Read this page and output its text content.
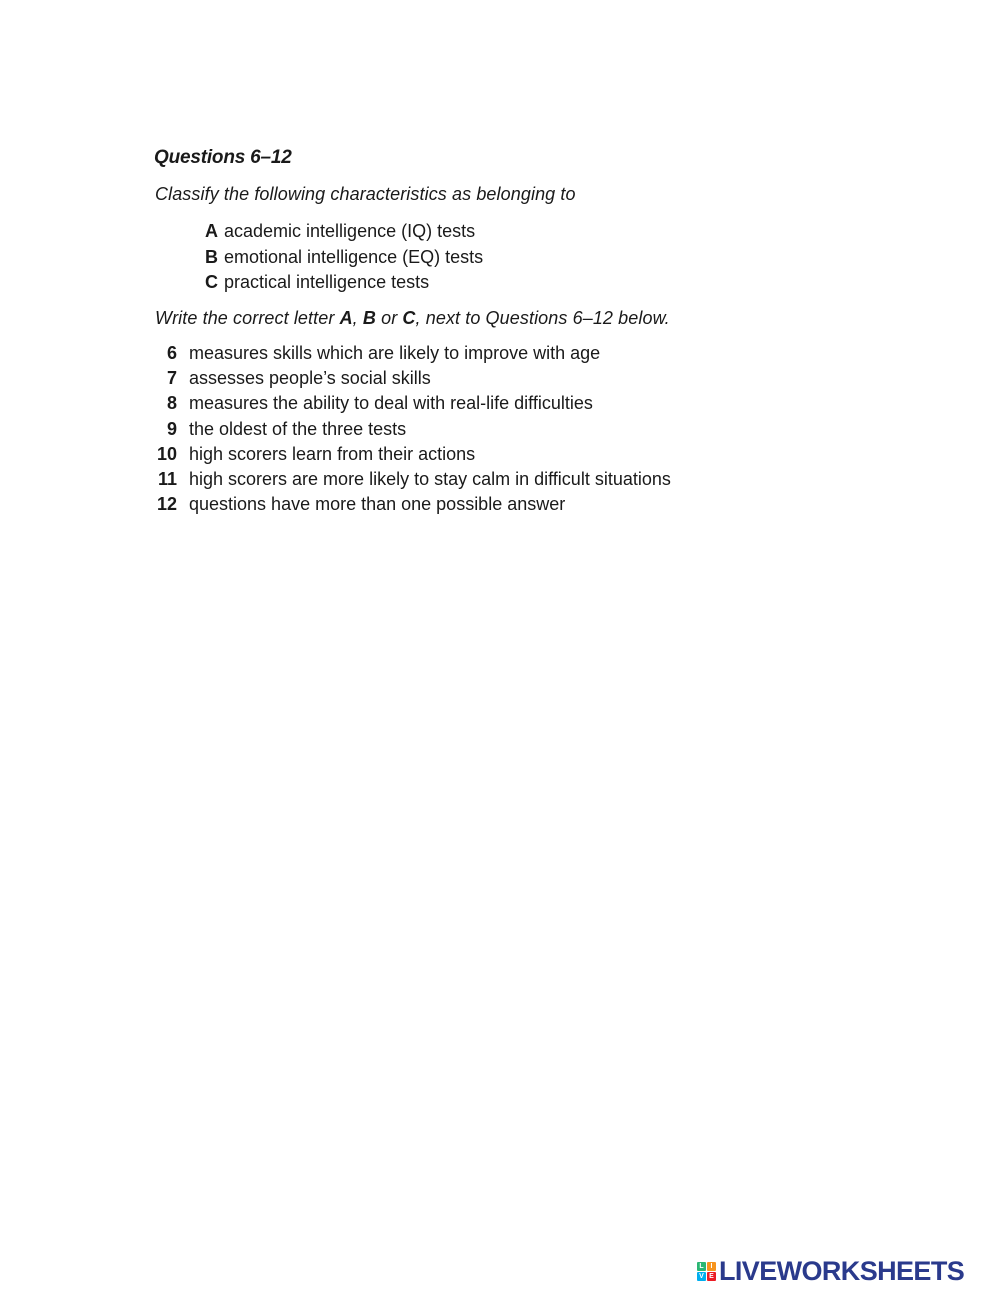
Questions 6–12
Classify the following characteristics as belonging to
A academic intelligence (IQ) tests
B emotional intelligence (EQ) tests
C practical intelligence tests
Write the correct letter A, B or C, next to Questions 6–12 below.
6 measures skills which are likely to improve with age
7 assesses people’s social skills
8 measures the ability to deal with real-life difficulties
9 the oldest of the three tests
10 high scorers learn from their actions
11 high scorers are more likely to stay calm in difficult situations
12 questions have more than one possible answer
L I
V E LIVEWORKSHEETS
